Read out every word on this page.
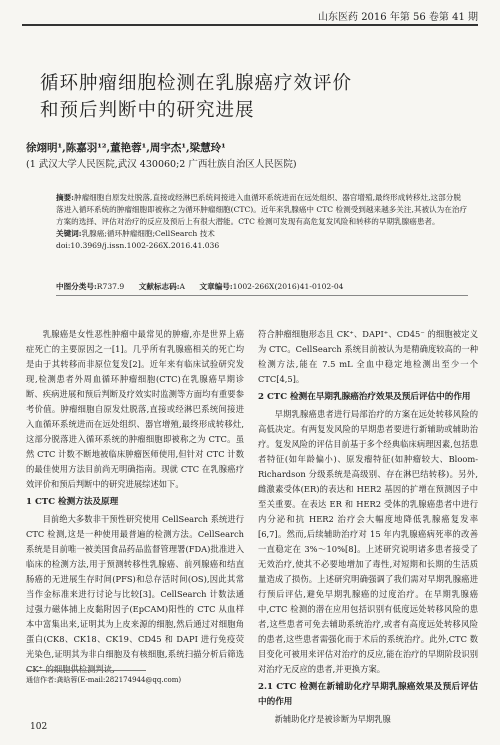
山东医药 2016 年第 56 卷第 41 期
循环肿瘤细胞检测在乳腺癌疗效评价
和预后判断中的研究进展
徐翊明¹,陈嘉羽¹²,董艳蓉¹,周宇杰¹,梁慧玲¹
(1 武汉大学人民医院,武汉 430060;2 广西壮族自治区人民医院)

摘要:肿瘤细胞自原发灶脱落,直接或经淋巴系统间接进入血循环系统进而在远处组织、器官增殖,最终形成转移灶,这部分脱落进入循环系统的肿瘤细胞即被称之为循环肿瘤细胞(CTC)。近年来乳腺癌中 CTC 检测受到越来越多关注,其被认为在治疗方案的选择、评估对治疗的反应及预后上有很大潜能。CTC 检测可发现有高危复发风险和转移的早期乳腺癌患者。

关键词:乳腺癌;循环肿瘤细胞;CellSearch 技术

doi:10.3969/j.issn.1002-266X.2016.41.036

中图分类号:R737.9 文献标志码:A 文章编号:1002-266X(2016)41-0102-04

乳腺癌是女性恶性肿瘤中最常见的肿瘤,亦是世界上癌症死亡的主要原因之一[1]。几乎所有乳腺癌相关的死亡均是由于其转移而非原位复发[2]。近年来有临床试验研究发现,检测患者外周血循环肿瘤细胞(CTC)在乳腺癌早期诊断、疾病进展和预后判断及疗效实时监测等方面均有重要参考价值。肿瘤细胞自原发灶脱落,直接或经淋巴系统间接进入血循环系统进而在远处组织、器官增殖,最终形成转移灶,这部分脱落进入循环系统的肿瘤细胞即被称之为 CTC。虽然 CTC 计数不断地被临床肿瘤医师使用,但针对 CTC 计数的最佳使用方法目前尚无明确指南。现就 CTC 在乳腺癌疗效评价和预后判断中的研究进展综述如下。

1 CTC 检测方法及原理

目前绝大多数非干预性研究使用 CellSearch 系统进行 CTC 检测,这是一种使用最普遍的检测方法。CellSearch 系统是目前唯一被美国食品药品监督管理署(FDA)批准进入临床的检测方法,用于预测转移性乳腺癌、前列腺癌和结直肠癌的无进展生存时间(PFS)和总存活时间(OS),因此其常当作金标准来进行讨论与比较[3]。CellSearch 计数法通过强力磁体捕上皮黏附因子(EpCAM)阳性的 CTC 从血样本中富集出来,证明其为上皮来源的细胞,然后通过对细胞角蛋白(CK8、CK18、CK19、CD45 和 DAPI 进行免疫荧光染色,证明其为非白细胞及有核细胞,系统扫描分析后筛选 CK⁺ 的细胞供检测判读,

符合肿瘤细胞形态且 CK⁺、DAPI⁺、CD45⁻ 的细胞被定义为 CTC。CellSearch 系统目前被认为是精确度较高的一种检测方法,能在 7.5 mL 全血中稳定地检测出至少一个 CTC[4,5]。

2 CTC 检测在早期乳腺癌治疗效果及预后评估中的作用

早期乳腺癌患者进行局部治疗的方案在远处转移风险的高低决定。有两复发风险的早期患者要进行新辅助或辅助治疗。复发风险的评估目前基于多个经典临床病理因素,包括患者特征(如年龄偏小)、原发瘤特征(如肿瘤较大、Bloom-Richardson 分级系统是高级别、存在淋巴结转移)。另外,雌激素受体(ER)的表达和 HER2 基因的扩增在预测因子中至关重要。在表达 ER 和 HER2 受体的乳腺癌患者中进行内分泌和抗 HER2 治疗会大幅度地降低乳腺癌复发率[6,7]。然而,后续辅助治疗对 15 年内乳腺癌病死率的改善一直稳定在 3%～10%[8]。上述研究说明诸多患者接受了无效治疗,使其不必要地增加了毒性,对短期和长期的生活质量造成了损伤。上述研究明确强调了我们需对早期乳腺癌进行预后评估,避免早期乳腺癌的过度治疗。在早期乳腺癌中,CTC 检测的潜在应用包括识别有低度远处转移风险的患者,这些患者可免去辅助系统治疗,或者有高度远处转移风险的患者,这些患者需强化而于术后的系统治疗。此外,CTC 数目变化可被用来评估对治疗的反应,能在治疗的早期阶段识别对治疗无反应的患者,并更换方案。

2.1 CTC 检测在新辅助化疗早期乳腺癌效果及预后评估中的作用

新辅助化疗是被诊断为早期乳腺

通信作者:龚晗蓉(E-mail:282174944@qq.com)
102
